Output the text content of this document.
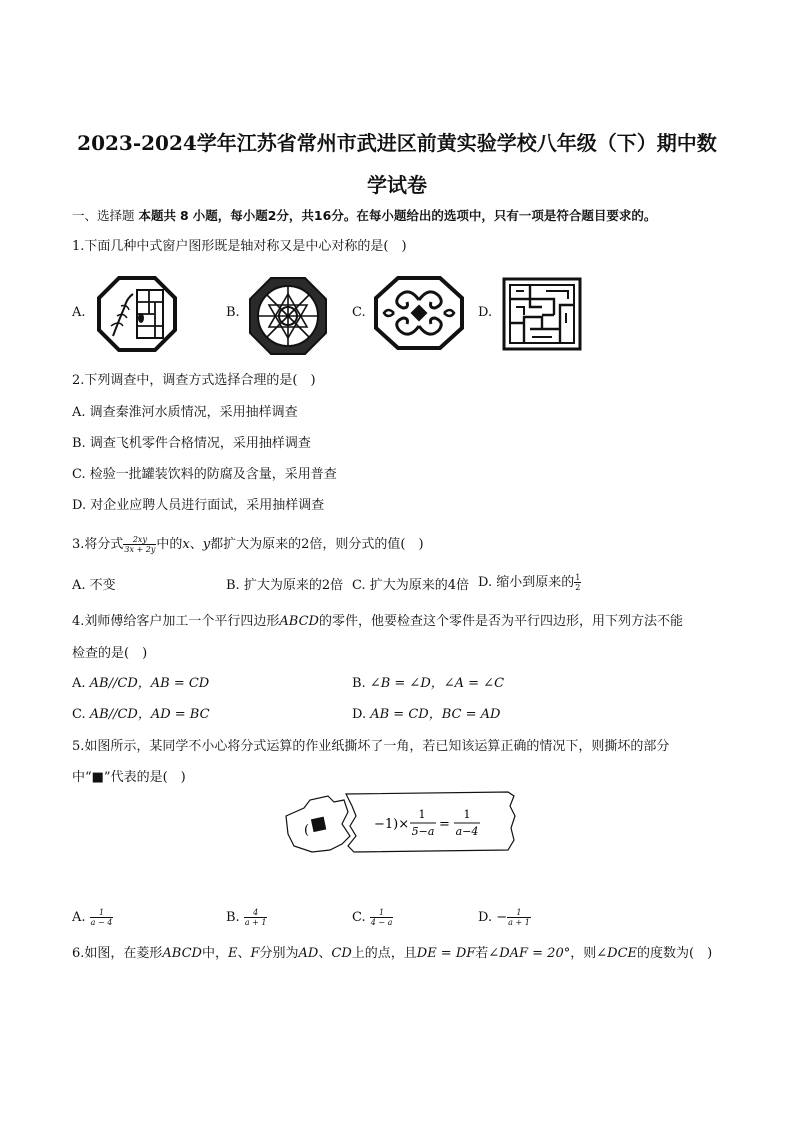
2023-2024学年江苏省常州市武进区前黄实验学校八年级（下）期中数
学试卷
一、选择题 本题共 8 小题，每小题2分，共16分。在每小题给出的选项中，只有一项是符合题目要求的。
1.下面几种中式窗户图形既是轴对称又是中心对称的是(　)
A.	B.	C.	D.
2.下列调查中，调查方式选择合理的是(　)
A. 调查秦淮河水质情况，采用抽样调查
B. 调查飞机零件合格情况，采用抽样调查
C. 检验一批罐装饮料的防腐及含量，采用普查
D. 对企业应聘人员进行面试，采用抽样调查
3.将分式 $\frac{2xy}{3x + 2y}$ 中的x、y都扩大为原来的2倍，则分式的值(　)
A. 不变	B. 扩大为原来的2倍 C. 扩大为原来的4倍 D. 缩小到原来的 $\frac{1}{2}$
4.刘师傅给客户加工一个平行四边形ABCD的零件，他要检查这个零件是否为平行四边形，用下列方法不能
检查的是(　)
A. AB//CD，AB = CD	B. ∠B = ∠D，∠A = ∠C
C. AB//CD，AD = BC	D. AB = CD，BC = AD
5.如图所示，某同学不小心将分式运算的作业纸撕坏了一角，若已知该运算正确的情况下，则撕坏的部分
中“■”代表的是(　)
(	−1)×
1
5−a =
1
a−4
A. $\frac{1}{a - 4}$	B. $\frac{4}{a + 1}$	C. $\frac{1}{4 - a}$	D. − $\frac{1}{a + 1}$
6.如图，在菱形ABCD中，E、F分别为AD、CD上的点，且DE = DF若∠DAF = 20°，则∠DCE的度数为(　)
